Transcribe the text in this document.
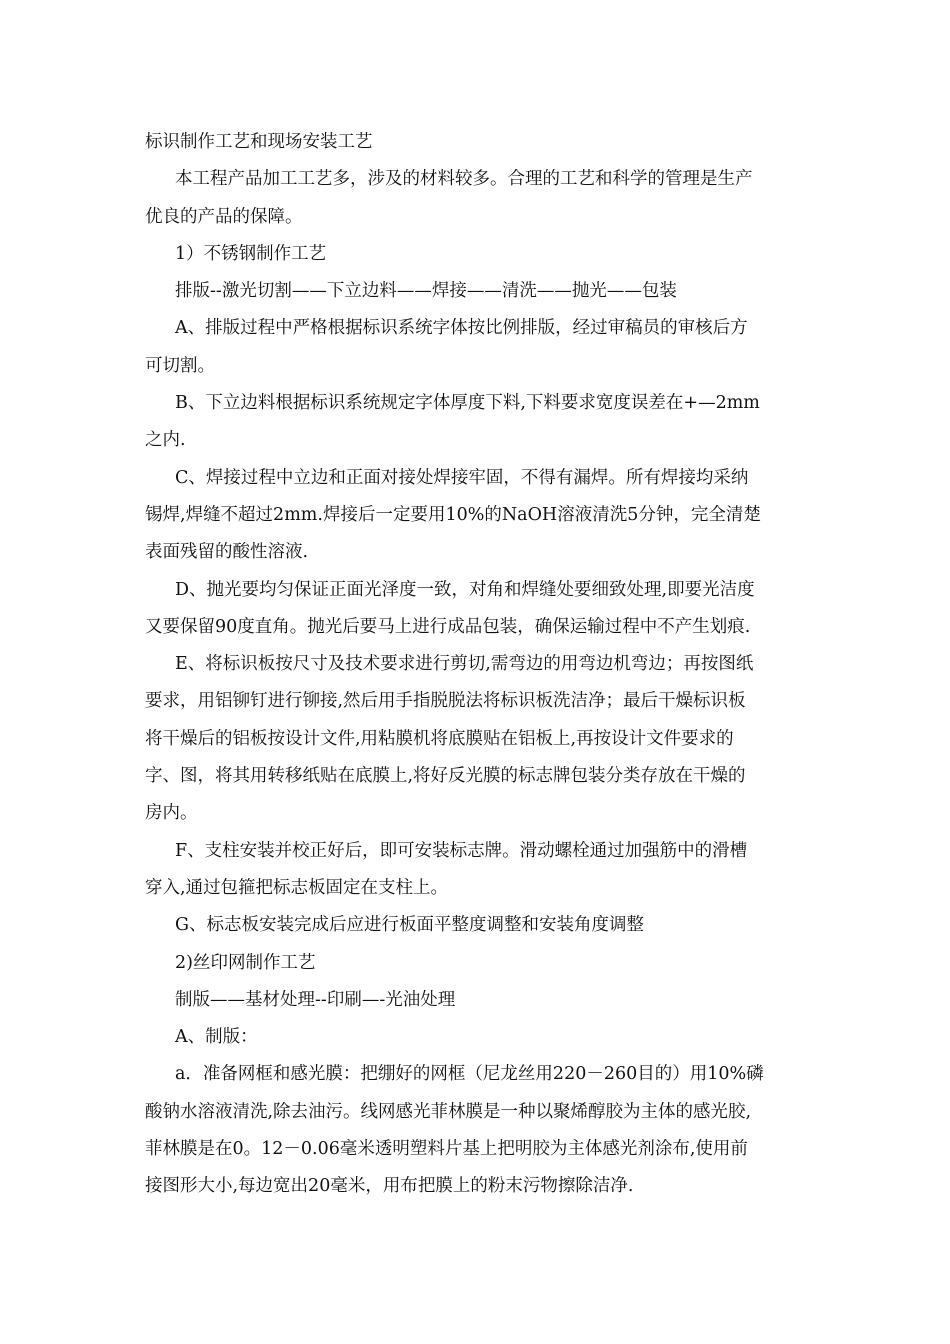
标识制作工艺和现场安装工艺
本工程产品加工工艺多，涉及的材料较多。合理的工艺和科学的管理是生产
优良的产品的保障。
1）不锈钢制作工艺
排版--激光切割——下立边料——焊接——清洗——抛光——包装
A、排版过程中严格根据标识系统字体按比例排版，经过审稿员的审核后方
可切割。
B、下立边料根据标识系统规定字体厚度下料,下料要求宽度误差在+—2mm
之内.
C、焊接过程中立边和正面对接处焊接牢固，不得有漏焊。所有焊接均采纳
锡焊,焊缝不超过2mm.焊接后一定要用10%的NaOH溶液清洗5分钟，完全清楚
表面残留的酸性溶液.
D、抛光要均匀保证正面光泽度一致，对角和焊缝处要细致处理,即要光洁度
又要保留90度直角。抛光后要马上进行成品包装，确保运输过程中不产生划痕.
E、将标识板按尺寸及技术要求进行剪切,需弯边的用弯边机弯边；再按图纸
要求，用铝铆钉进行铆接,然后用手指脱脱法将标识板洗洁净；最后干燥标识板
将干燥后的铝板按设计文件,用粘膜机将底膜贴在铝板上,再按设计文件要求的
字、图，将其用转移纸贴在底膜上,将好反光膜的标志牌包装分类存放在干燥的
房内。
F、支柱安装并校正好后，即可安装标志牌。滑动螺栓通过加强筋中的滑槽
穿入,通过包箍把标志板固定在支柱上。
G、标志板安装完成后应进行板面平整度调整和安装角度调整
2)丝印网制作工艺
制版——基材处理--印刷—-光油处理
A、制版：
a．准备网框和感光膜：把绷好的网框（尼龙丝用220－260目的）用10%磷
酸钠水溶液清洗,除去油污。线网感光菲林膜是一种以聚烯醇胶为主体的感光胶,
菲林膜是在0。12－0.06毫米透明塑料片基上把明胶为主体感光剂涂布,使用前
接图形大小,每边宽出20毫米，用布把膜上的粉末污物擦除洁净.
